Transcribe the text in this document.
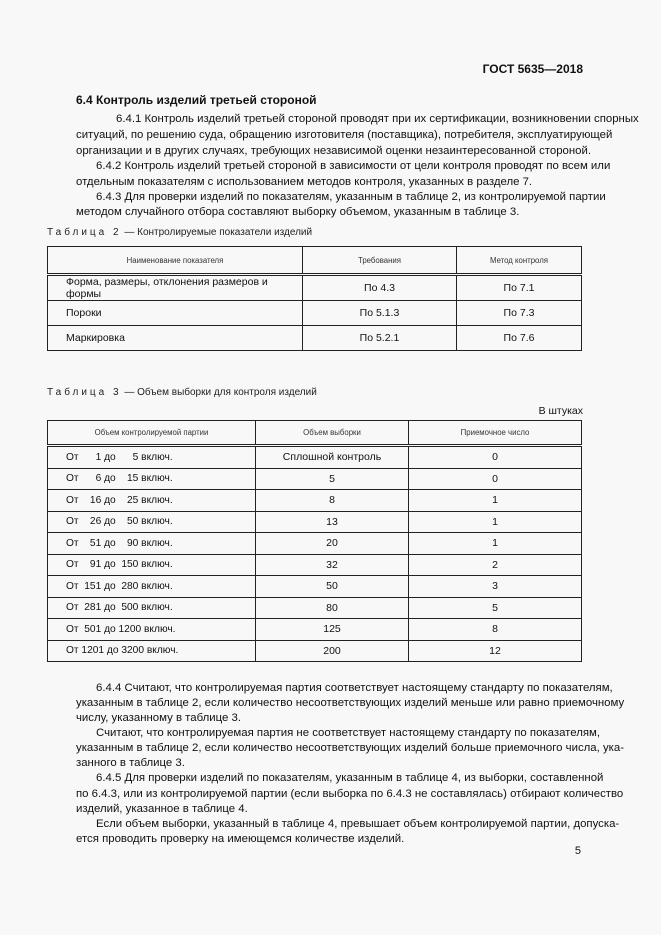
ГОСТ 5635—2018
6.4 Контроль изделий третьей стороной
6.4.1 Контроль изделий третьей стороной проводят при их сертификации, возникновении спорных
ситуаций, по решению суда, обращению изготовителя (поставщика), потребителя, эксплуатирующей
организации и в других случаях, требующих независимой оценки незаинтересованной стороной.
6.4.2 Контроль изделий третьей стороной в зависимости от цели контроля проводят по всем или
отдельным показателям с использованием методов контроля, указанных в разделе 7.
6.4.3 Для проверки изделий по показателям, указанным в таблице 2, из контролируемой партии
методом случайного отбора составляют выборку объемом, указанным в таблице 3.
Таблица 2 — Контролируемые показатели изделий
Наименование показателя	Требования	Метод контроля
Форма, размеры, отклонения размеров и формы	По 4.3	По 7.1
Пороки	По 5.1.3	По 7.3
Маркировка	По 5.2.1	По 7.6
Таблица 3 — Объем выборки для контроля изделий
В штуках
Объем контролируемой партии	Объем выборки	Приемочное число
От      1 до      5 включ.	Сплошной контроль	0
От      6 до    15 включ.	5	0
От    16 до    25 включ.	8	1
От    26 до    50 включ.	13	1
От    51 до    90 включ.	20	1
От    91 до  150 включ.	32	2
От  151 до  280 включ.	50	3
От  281 до  500 включ.	80	5
От  501 до 1200 включ.	125	8
От 1201 до 3200 включ.	200	12
6.4.4 Считают, что контролируемая партия соответствует настоящему стандарту по показателям,
указанным в таблице 2, если количество несоответствующих изделий меньше или равно приемочному
числу, указанному в таблице 3.
Считают, что контролируемая партия не соответствует настоящему стандарту по показателям,
указанным в таблице 2, если количество несоответствующих изделий больше приемочного числа, ука-
занного в таблице 3.
6.4.5 Для проверки изделий по показателям, указанным в таблице 4, из выборки, составленной
по 6.4.3, или из контролируемой партии (если выборка по 6.4.3 не составлялась) отбирают количество
изделий, указанное в таблице 4.
Если объем выборки, указанный в таблице 4, превышает объем контролируемой партии, допуска-
ется проводить проверку на имеющемся количестве изделий.
5
